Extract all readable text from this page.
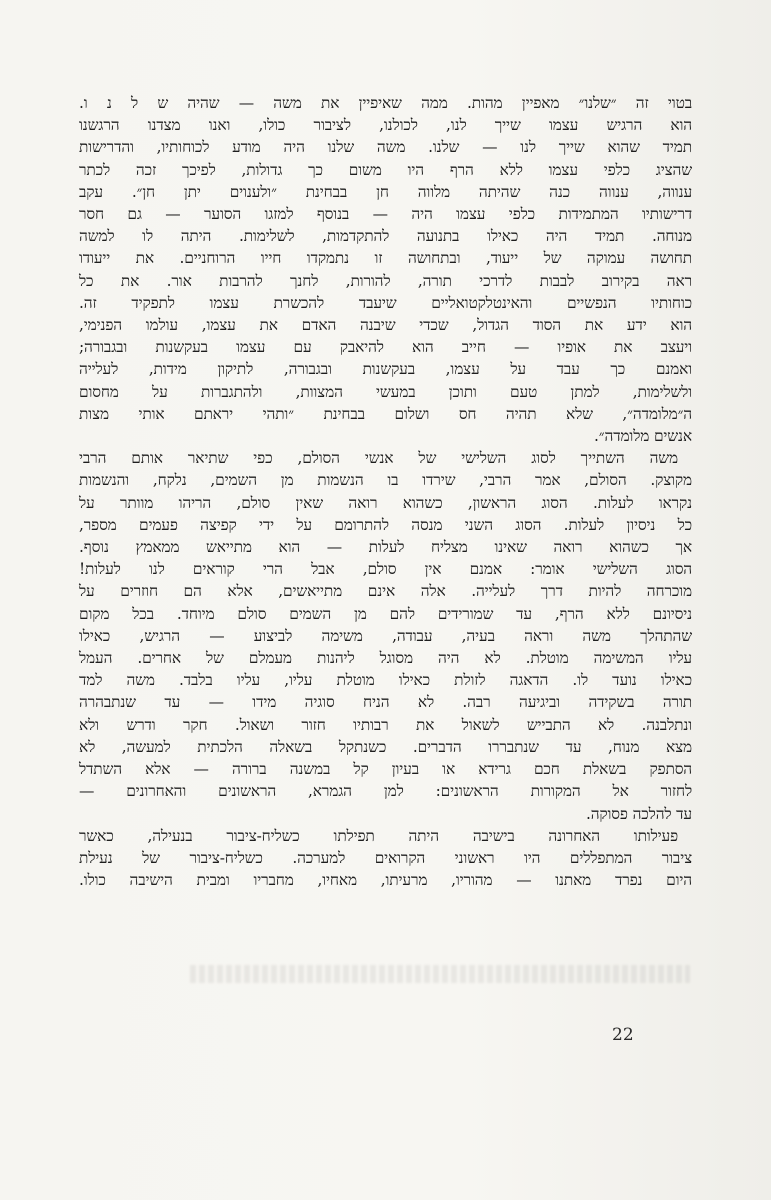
בטוי זה ״שלנו״ מאפיין מהות. ממה שאיפיין את משה — שהיה ש ל נ ו.
הוא הרגיש עצמו שייך לנו, לכולנו, לציבור כולו, ואנו מצדנו הרגשנו
תמיד שהוא שייך לנו — שלנו. משה שלנו היה מודע לכוחותיו, והדרישות
שהציג כלפי עצמו ללא הרף היו משום כך גדולות, לפיכך זכה לכתר
ענווה, ענווה כנה שהיתה מלווה חן בבחינת ״ולענוים יתן חן״. עקב
דרישותיו המתמידות כלפי עצמו היה — בנוסף למזגו הסוער — גם חסר
מנוחה. תמיד היה כאילו בתנועה להתקדמות, לשלימות. היתה לו למשה
תחושה עמוקה של ייעוד, ובתחושה זו נתמקדו חייו הרוחניים. את ייעודו
ראה בקירוב לבבות לדרכי תורה, להורות, לחנך להרבות אור. את כל
כוחותיו הנפשיים והאינטלקטואליים שיעבד להכשרת עצמו לתפקיד זה.
הוא ידע את הסוד הגדול, שכדי שיבנה האדם את עצמו, עולמו הפנימי,
ויעצב את אופיו — חייב הוא להיאבק עם עצמו בעקשנות ובגבורה;
ואמנם כך עבד על עצמו, בעקשנות ובגבורה, לתיקון מידות, לעלייה
ולשלימות, למתן טעם ותוכן במעשי המצוות, ולהתגברות על מחסום
ה״מלומדה״, שלא תהיה חס ושלום בבחינת ״ותהי יראתם אותי מצות
אנשים מלומדה״.
משה השתייך לסוג השלישי של אנשי הסולם, כפי שתיאר אותם הרבי
מקוצק. הסולם, אמר הרבי, שירדו בו הנשמות מן השמים, נלקח, והנשמות
נקראו לעלות. הסוג הראשון, כשהוא רואה שאין סולם, הריהו מוותר על
כל ניסיון לעלות. הסוג השני מנסה להתרומם על ידי קפיצה פעמים מספר,
אך כשהוא רואה שאינו מצליח לעלות — הוא מתייאש ממאמץ נוסף.
הסוג השלישי אומר: אמנם אין סולם, אבל הרי קוראים לנו לעלות!
מוכרחה להיות דרך לעלייה. אלה אינם מתייאשים, אלא הם חוזרים על
ניסיונם ללא הרף, עד שמורידים להם מן השמים סולם מיוחד. בכל מקום
שהתהלך משה וראה בעיה, עבודה, משימה לביצוע — הרגיש, כאילו
עליו המשימה מוטלת. לא היה מסוגל ליהנות מעמלם של אחרים. העמל
כאילו נועד לו. הדאגה לזולת כאילו מוטלת עליו, עליו בלבד. משה למד
תורה בשקידה וביגיעה רבה. לא הניח סוגיה מידו — עד שנתבהרה
ונתלבנה. לא התבייש לשאול את רבותיו חזור ושאול. חקר ודרש ולא
מצא מנוח, עד שנתבררו הדברים. כשנתקל בשאלה הלכתית למעשה, לא
הסתפק בשאלת חכם גרידא או בעיון קל במשנה ברורה — אלא השתדל
לחזור אל המקורות הראשונים: למן הגמרא, הראשונים והאחרונים —
עד להלכה פסוקה.
פעילותו האחרונה בישיבה היתה תפילתו כשליח-ציבור בנעילה, כאשר
ציבור המתפללים היו ראשוני הקרואים למערכה. כשליח-ציבור של נעילת
היום נפרד מאתנו — מהוריו, מרעיתו, מאחיו, מחבריו ומבית הישיבה כולו.
22
